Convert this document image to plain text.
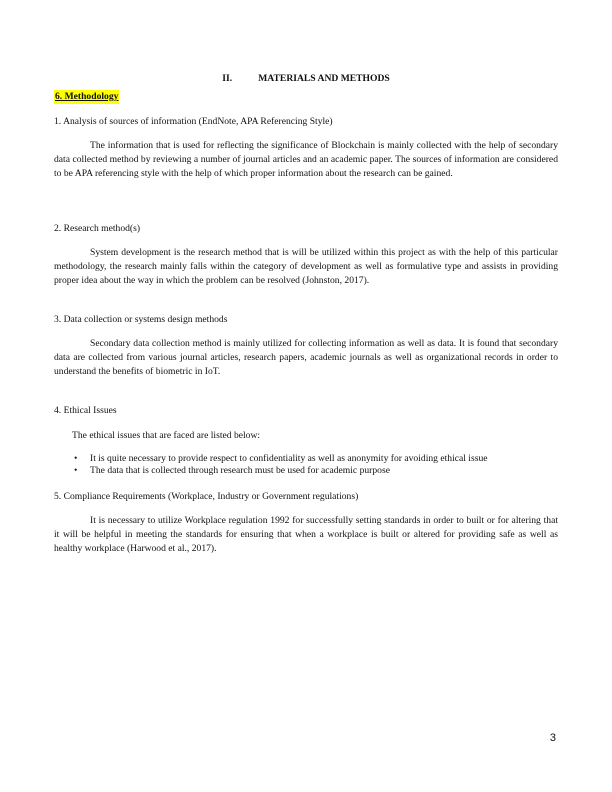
II.	MATERIALS AND METHODS
6. Methodology
1. Analysis of sources of information (EndNote, APA Referencing Style)
The information that is used for reflecting the significance of Blockchain is mainly collected with the help of secondary data collected method by reviewing a number of journal articles and an academic paper. The sources of information are considered to be APA referencing style with the help of which proper information about the research can be gained.
2. Research method(s)
System development is the research method that is will be utilized within this project as with the help of this particular methodology, the research mainly falls within the category of development as well as formulative type and assists in providing proper idea about the way in which the problem can be resolved (Johnston, 2017).
3. Data collection or systems design methods
Secondary data collection method is mainly utilized for collecting information as well as data. It is found that secondary data are collected from various journal articles, research papers, academic journals as well as organizational records in order to understand the benefits of biometric in IoT.
4. Ethical Issues
The ethical issues that are faced are listed below:
• It is quite necessary to provide respect to confidentiality as well as anonymity for avoiding ethical issue
• The data that is collected through research must be used for academic purpose
5. Compliance Requirements (Workplace, Industry or Government regulations)
It is necessary to utilize Workplace regulation 1992 for successfully setting standards in order to built or for altering that it will be helpful in meeting the standards for ensuring that when a workplace is built or altered for providing safe as well as healthy workplace (Harwood et al., 2017).
3
